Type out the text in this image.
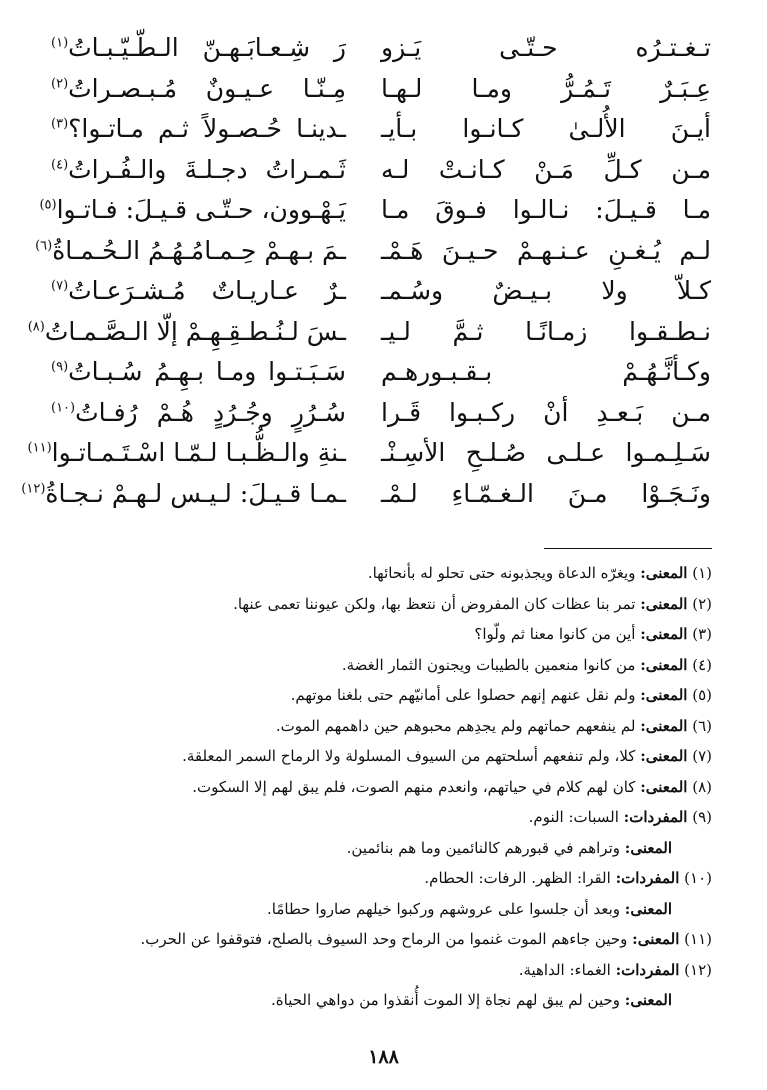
تـغـتـرُه حـتّـى يَـزو
رَ شِـعـابَـهـنّ الـطّـيّـبـاتُ$^{(١)}$
عِـبَـرٌ تَـمُـرُّ ومـا لـهـا
مِـنّـا عـيـونٌ مُـبـصـراتُ$^{(٢)}$
أيـنَ الأُلـىٰ كـانـوا بـأيـ
ـدينـا حُـصـولاً ثـم مـاتـوا؟$^{(٣)}$
مـن كـلِّ مَـنْ كـانـتْ لـه
ثَـمـراتُ دجـلـةَ والـفُـراتُ$^{(٤)}$
مـا قـيـلَ: نـالـوا فـوقَ مـا
يَـهْـوون، حـتّـى قـيـلَ: فـاتـوا$^{(٥)}$
لـم يُـغـنِ عـنـهـمْ حـيـنَ هَـمْـ
ـمَ بـهـمْ حِـمـامُـهُـمُ الـحُـمـاةُ$^{(٦)}$
كـلاّ ولا بـيـضٌ وسُـمـ
ـرٌ عـاريـاتٌ مُـشـرَعـاتُ$^{(٧)}$
نـطـقـوا زمـانًـا ثـمَّ لـيـ
ـسَ لـنُـطـقِـهِـمْ إلّا الـصَّـمـاتُ$^{(٨)}$
وكـأنَّـهُـمْ بـقـبـورهـم
سَـبَـتـوا ومـا بـهِـمُ سُـبـاتُ$^{(٩)}$
مـن بَـعـدِ أنْ ركـبـوا قَـرا
سُـرُرٍ وجُـرُدٍ هُـمْ رُفـاتُ$^{(١٠)}$
سَـلِـمـوا عـلـى صُـلـحِ الأسِـنْـ
ـنةِ والـظُّـبـا لـمّـا اسْـتَـمـاتـوا$^{(١١)}$
ونَـجَـوْا مـنَ الـغـمّـاءِ لـمْـ
ـمـا قـيـلَ: لـيـس لـهـمْ نـجـاةُ$^{(١٢)}$
(١) المعنى: ويغرّه الدعاة ويجذبونه حتى تحلو له بأنحائها.
(٢) المعنى: تمر بنا عظات كان المفروض أن نتعظ بها، ولكن عيوننا تعمى عنها.
(٣) المعنى: أين من كانوا معنا ثم ولّوا؟
(٤) المعنى: من كانوا منعمين بالطيبات ويجنون الثمار الغضة.
(٥) المعنى: ولم نقل عنهم إنهم حصلوا على أمانيّهم حتى بلغنا موتهم.
(٦) المعنى: لم ينفعهم حماتهم ولم يجدِهم محبوهم حين داهمهم الموت.
(٧) المعنى: كلا، ولم تنفعهم أسلحتهم من السيوف المسلولة ولا الرماح السمر المعلقة.
(٨) المعنى: كان لهم كلام في حياتهم، وانعدم منهم الصوت، فلم يبق لهم إلا السكوت.
(٩) المفردات: السبات: النوم.
المعنى: وتراهم في قبورهم كالنائمين وما هم بنائمين.
(١٠) المفردات: القرا: الظهر. الرفات: الحطام.
المعنى: وبعد أن جلسوا على عروشهم وركبوا خيلهم صاروا حطامًا.
(١١) المعنى: وحين جاءهم الموت غنموا من الرماح وحد السيوف بالصلح، فتوقفوا عن الحرب.
(١٢) المفردات: الغماء: الداهية.
المعنى: وحين لم يبق لهم نجاة إلا الموت أُنقذوا من دواهي الحياة.
١٨٨
